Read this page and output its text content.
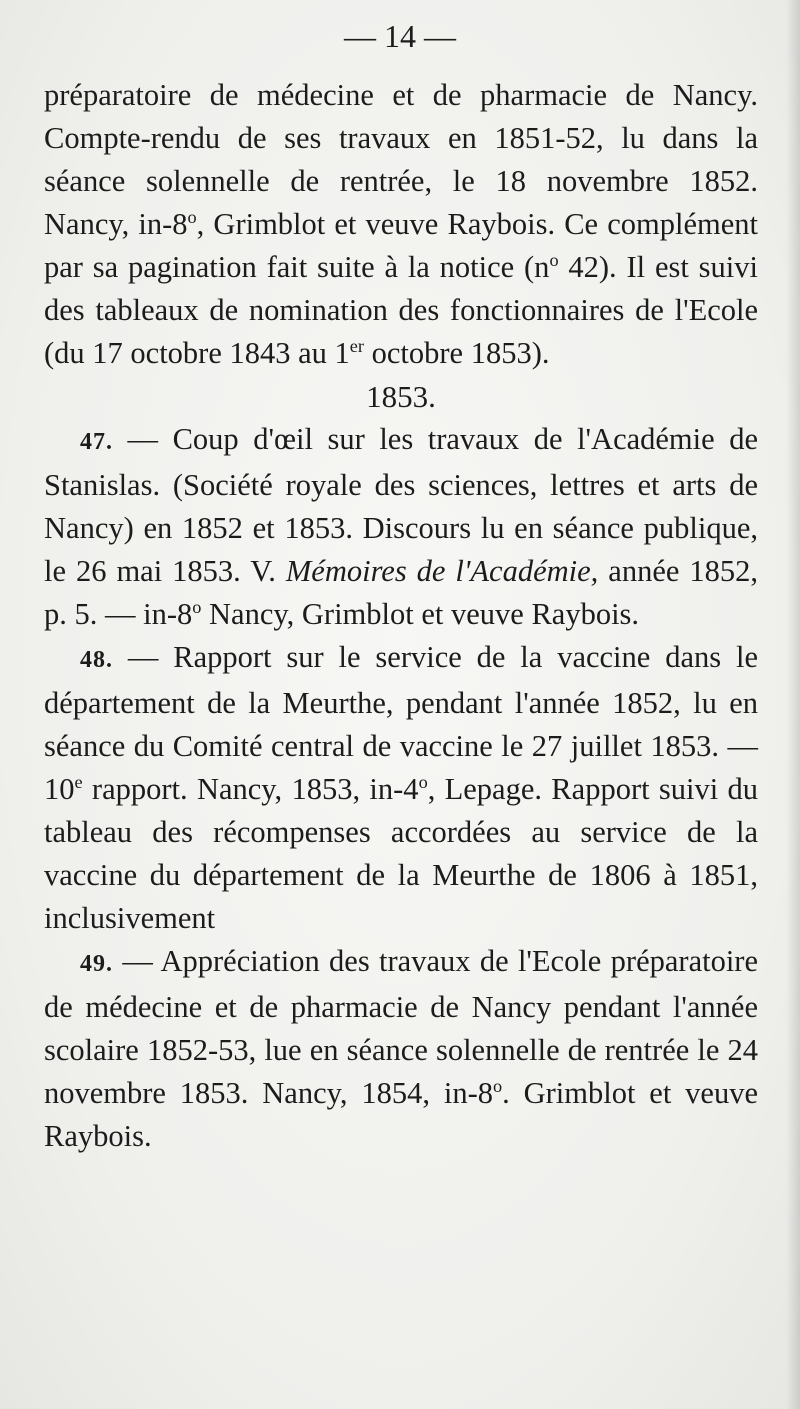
— 14 —

préparatoire de médecine et de pharmacie de Nancy. Compte-rendu de ses travaux en 1851-52, lu dans la séance solennelle de rentrée, le 18 novembre 1852. Nancy, in-8$^o$, Grimblot et veuve Raybois. Ce complément par sa pagination fait suite à la notice ($n^o$ 42). Il est suivi des tableaux de nomination des fonctionnaires de l'Ecole (du 17 octobre 1843 au 1er octobre 1853).

1853.

47. — Coup d'œil sur les travaux de l'Académie de Stanislas. (Société royale des sciences, lettres et arts de Nancy) en 1852 et 1853. Discours lu en séance publique, le 26 mai 1853. V. Mémoires de l'Académie, année 1852, p. 5. — in-8$^o$ Nancy, Grimblot et veuve Raybois.

48. — Rapport sur le service de la vaccine dans le département de la Meurthe, pendant l'année 1852, lu en séance du Comité central de vaccine le 27 juillet 1853. — 10e rapport. Nancy, 1853, in-4$^o$, Lepage. Rapport suivi du tableau des récompenses accordées au service de la vaccine du département de la Meurthe de 1806 à 1851, inclusivement

49. — Appréciation des travaux de l'Ecole préparatoire de médecine et de pharmacie de Nancy pendant l'année scolaire 1852-53, lue en séance solennelle de rentrée le 24 novembre 1853. Nancy, 1854, in-8$^o$. Grimblot et veuve Raybois.
